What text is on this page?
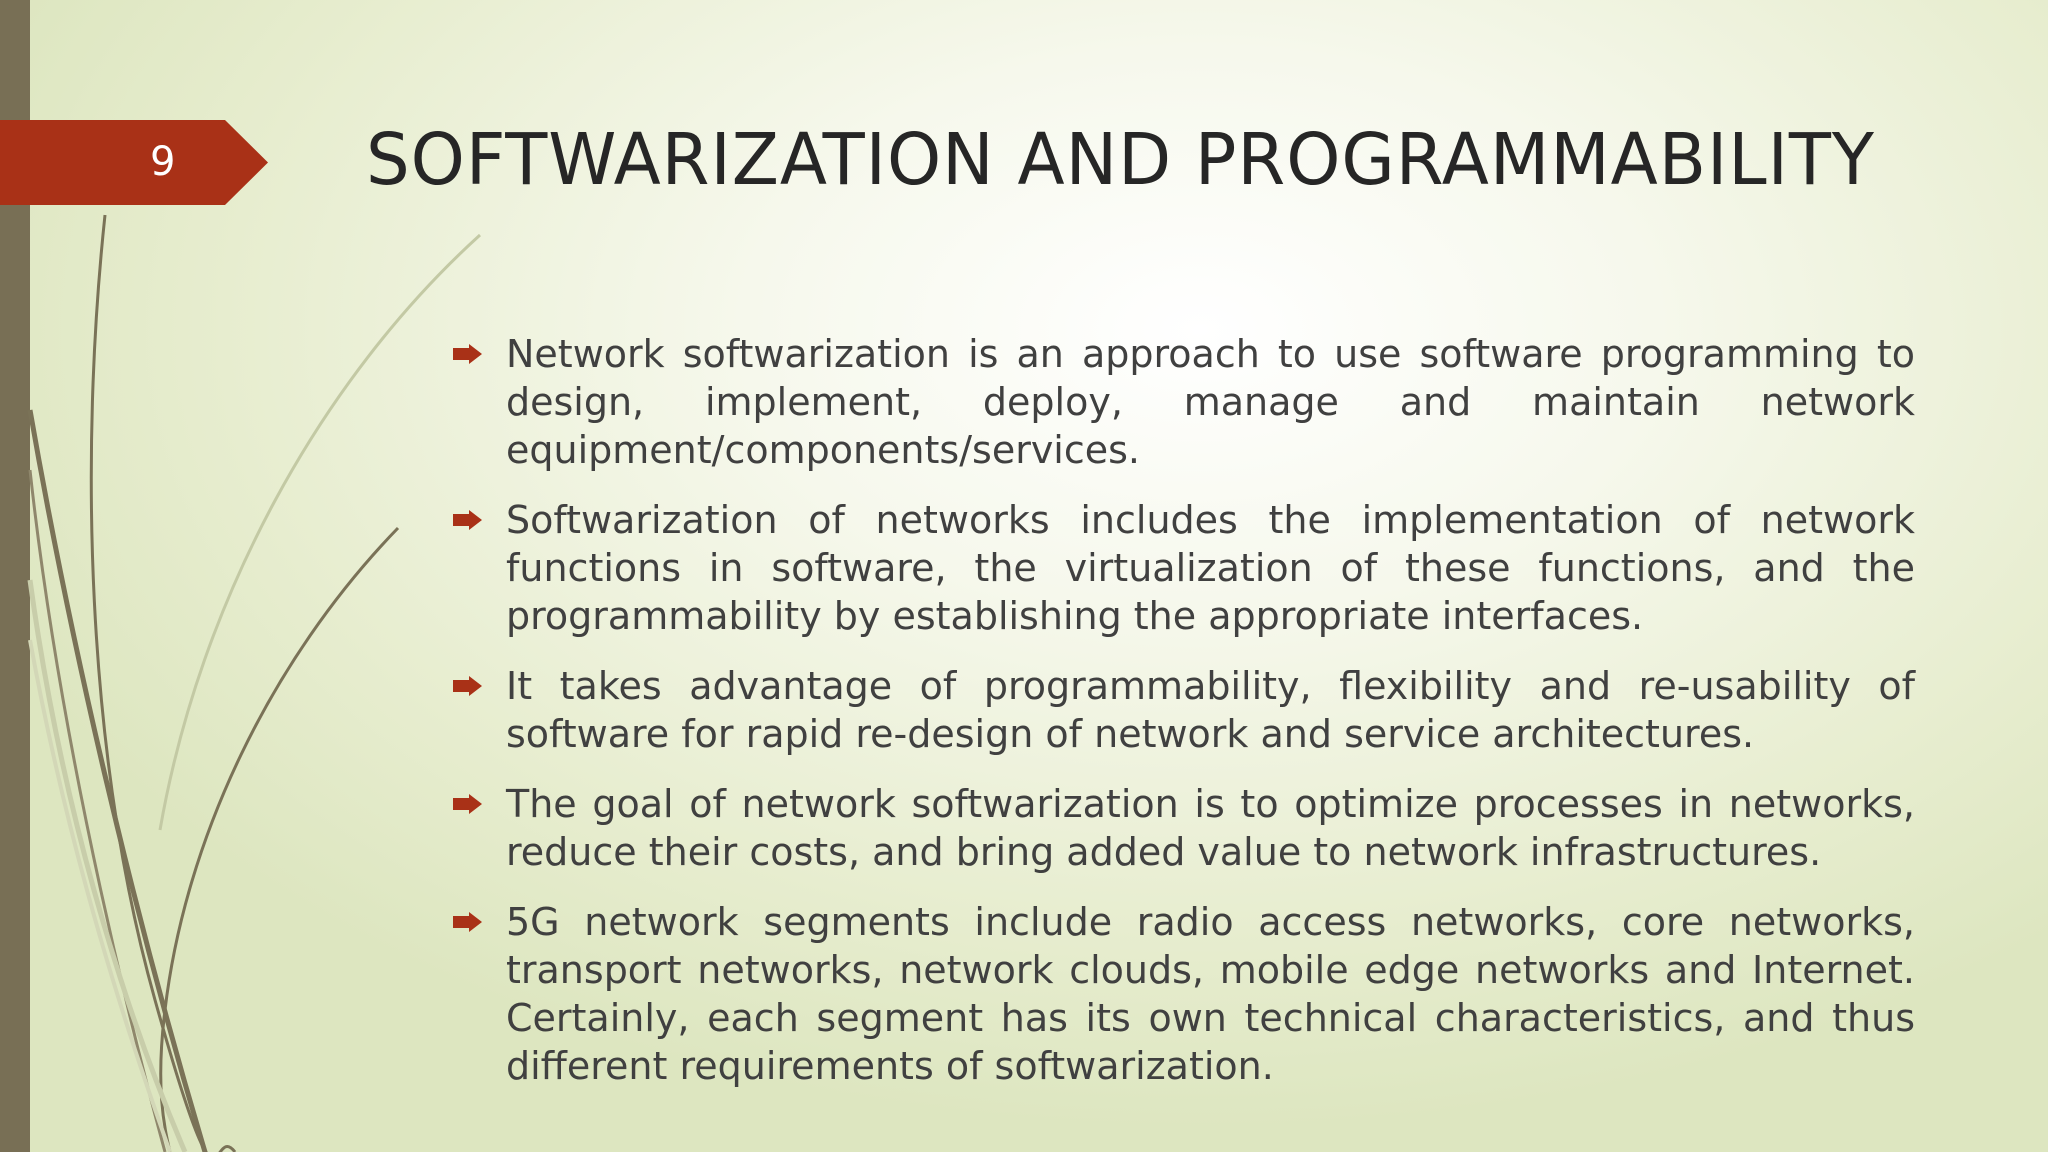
9	SOFTWARIZATION AND PROGRAMMABILITY
Network softwarization is an approach to use software programming to design, implement, deploy, manage and maintain network equipment/components/services.
Softwarization of networks includes the implementation of network functions in software, the virtualization of these functions, and the programmability by establishing the appropriate interfaces.
It takes advantage of programmability, flexibility and re-usability of software for rapid re-design of network and service architectures.
The goal of network softwarization is to optimize processes in networks, reduce their costs, and bring added value to network infrastructures.
5G network segments include radio access networks, core networks, transport networks, network clouds, mobile edge networks and Internet. Certainly, each segment has its own technical characteristics, and thus different requirements of softwarization.
